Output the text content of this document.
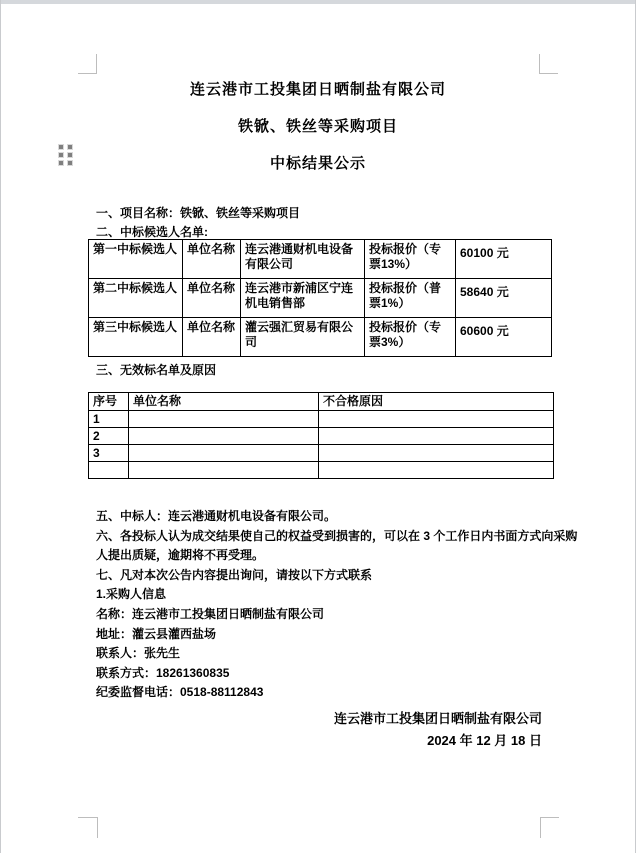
连云港市工投集团日晒制盐有限公司
铁锨、铁丝等采购项目
中标结果公示
一、项目名称：铁锨、铁丝等采购项目
二、中标候选人名单:
第一中标候选人	单位名称	连云港通财机电设备有限公司	投标报价（专票13%）	60100 元
第二中标候选人	单位名称	连云港市新浦区宁连机电销售部	投标报价（普票1%）	58640 元
第三中标候选人	单位名称	灌云强汇贸易有限公司	投标报价（专票3%）	60600 元
三、无效标名单及原因
序号	单位名称	不合格原因
1		
2		
3		

五、中标人：连云港通财机电设备有限公司。
六、各投标人认为成交结果使自己的权益受到损害的，可以在 3 个工作日内书面方式向采购
人提出质疑，逾期将不再受理。
七、凡对本次公告内容提出询问，请按以下方式联系
1.采购人信息
名称：连云港市工投集团日晒制盐有限公司
地址：灌云县灌西盐场
联系人：张先生
联系方式：18261360835
纪委监督电话：0518-88112843
连云港市工投集团日晒制盐有限公司
2024 年 12 月 18 日
